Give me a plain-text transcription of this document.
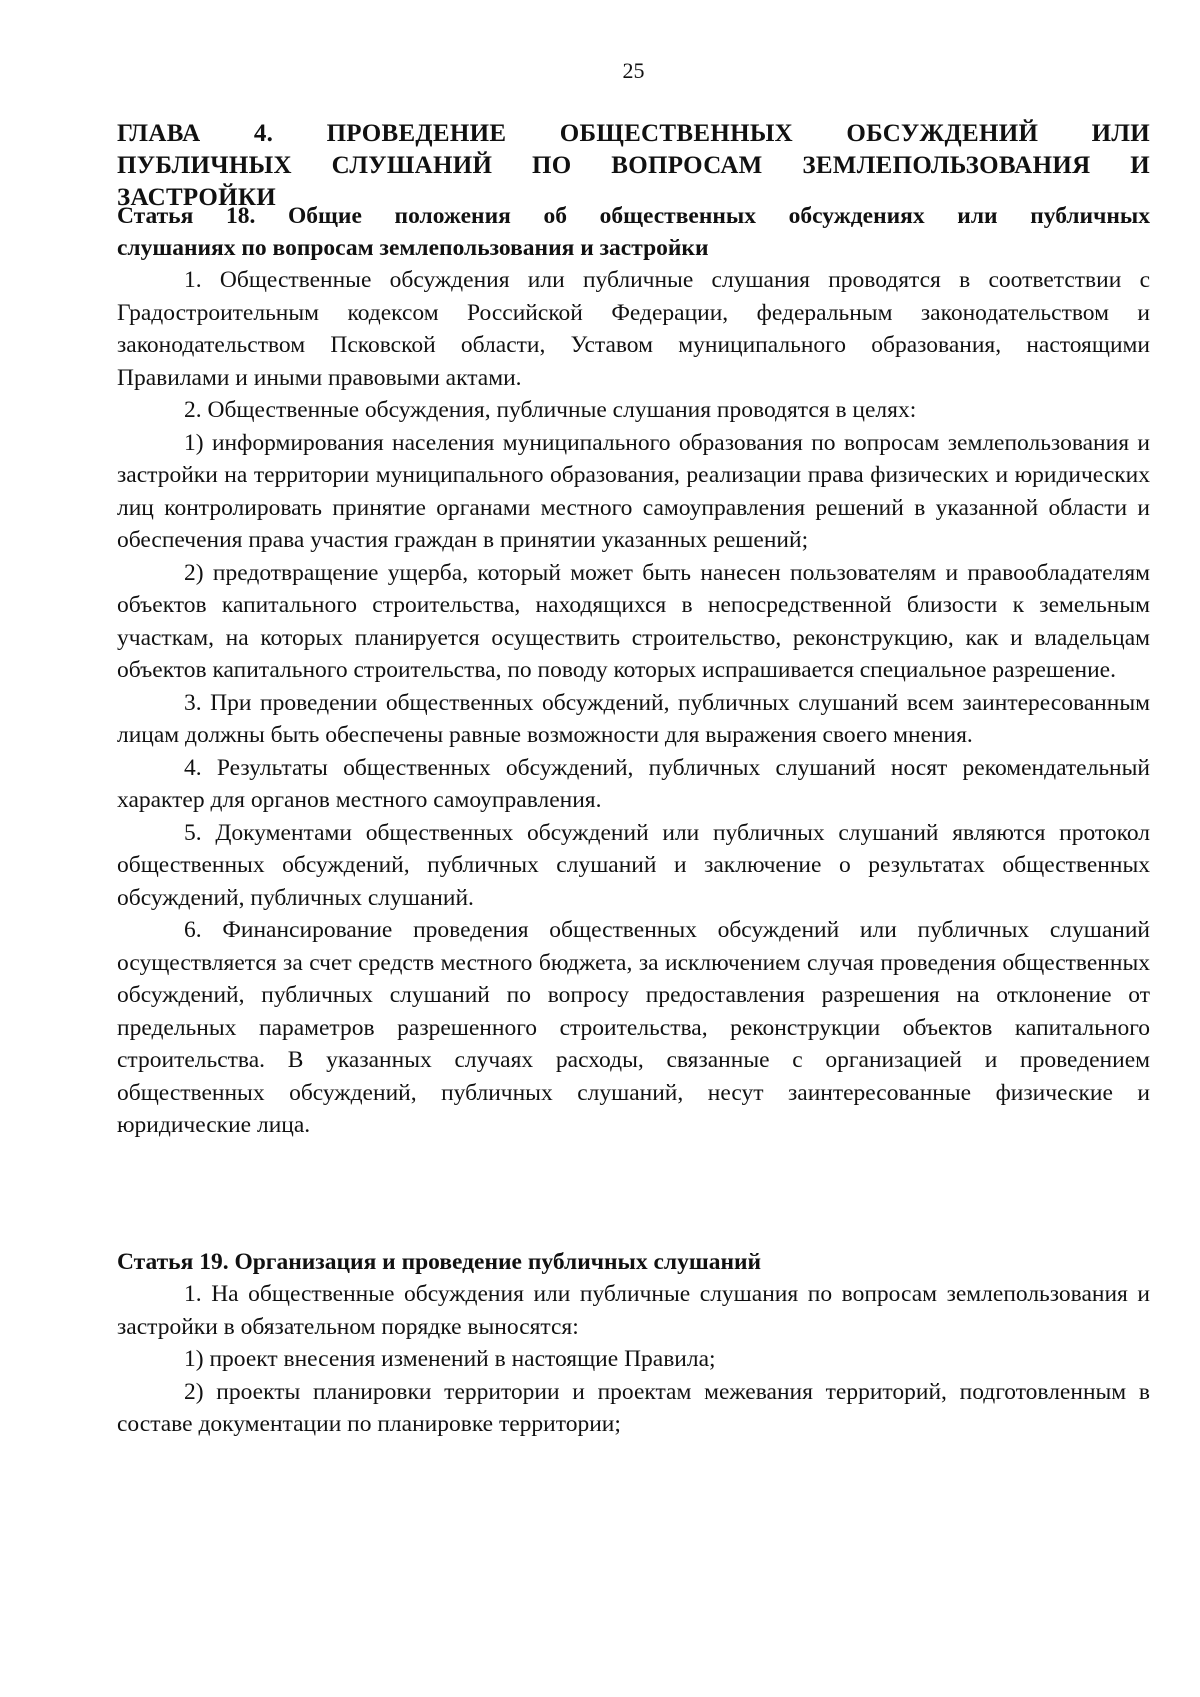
25
ГЛАВА 4. ПРОВЕДЕНИЕ ОБЩЕСТВЕННЫХ ОБСУЖДЕНИЙ ИЛИ
ПУБЛИЧНЫХ СЛУШАНИЙ ПО ВОПРОСАМ ЗЕМЛЕПОЛЬЗОВАНИЯ И
ЗАСТРОЙКИ
Статья 18. Общие положения об общественных обсуждениях или публичных
слушаниях по вопросам землепользования и застройки

1. Общественные обсуждения или публичные слушания проводятся в соответствии с Градостроительным кодексом Российской Федерации, федеральным законодательством и законодательством Псковской области, Уставом муниципального образования, настоящими Правилами и иными правовыми актами.

2. Общественные обсуждения, публичные слушания проводятся в целях:

1) информирования населения муниципального образования по вопросам землепользования и застройки на территории муниципального образования, реализации права физических и юридических лиц контролировать принятие органами местного самоуправления решений в указанной области и обеспечения права участия граждан в принятии указанных решений;

2) предотвращение ущерба, который может быть нанесен пользователям и правообладателям объектов капитального строительства, находящихся в непосредственной близости к земельным участкам, на которых планируется осуществить строительство, реконструкцию, как и владельцам объектов капитального строительства, по поводу которых испрашивается специальное разрешение.

3. При проведении общественных обсуждений, публичных слушаний всем заинтересованным лицам должны быть обеспечены равные возможности для выражения своего мнения.

4. Результаты общественных обсуждений, публичных слушаний носят рекомендательный характер для органов местного самоуправления.

5. Документами общественных обсуждений или публичных слушаний являются протокол общественных обсуждений, публичных слушаний и заключение о результатах общественных обсуждений, публичных слушаний.

6. Финансирование проведения общественных обсуждений или публичных слушаний осуществляется за счет средств местного бюджета, за исключением случая проведения общественных обсуждений, публичных слушаний по вопросу предоставления разрешения на отклонение от предельных параметров разрешенного строительства, реконструкции объектов капитального строительства. В указанных случаях расходы, связанные с организацией и проведением общественных обсуждений, публичных слушаний, несут заинтересованные физические и юридические лица.

Статья 19. Организация и проведение публичных слушаний

1. На общественные обсуждения или публичные слушания по вопросам землепользования и застройки в обязательном порядке выносятся:

1) проект внесения изменений в настоящие Правила;

2) проекты планировки территории и проектам межевания территорий, подготовленным в составе документации по планировке территории;
